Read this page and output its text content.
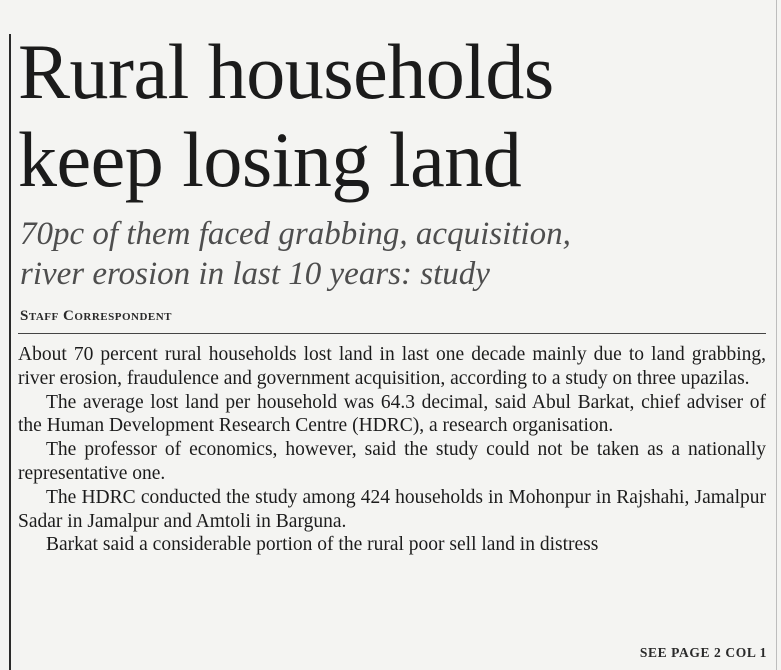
Rural households
keep losing land
70pc of them faced grabbing, acquisition,
river erosion in last 10 years: study
Staff Correspondent

About 70 percent rural households lost land in last one decade mainly due to land grabbing, river erosion, fraudulence and government acquisition, according to a study on three upazilas.

The average lost land per household was 64.3 decimal, said Abul Barkat, chief adviser of the Human Development Research Centre (HDRC), a research organisation.

The professor of economics, however, said the study could not be taken as a nationally representative one.

The HDRC conducted the study among 424 households in Mohonpur in Rajshahi, Jamalpur Sadar in Jamalpur and Amtoli in Barguna.

Barkat said a considerable portion of the rural poor sell land in distress

SEE PAGE 2 COL 1
